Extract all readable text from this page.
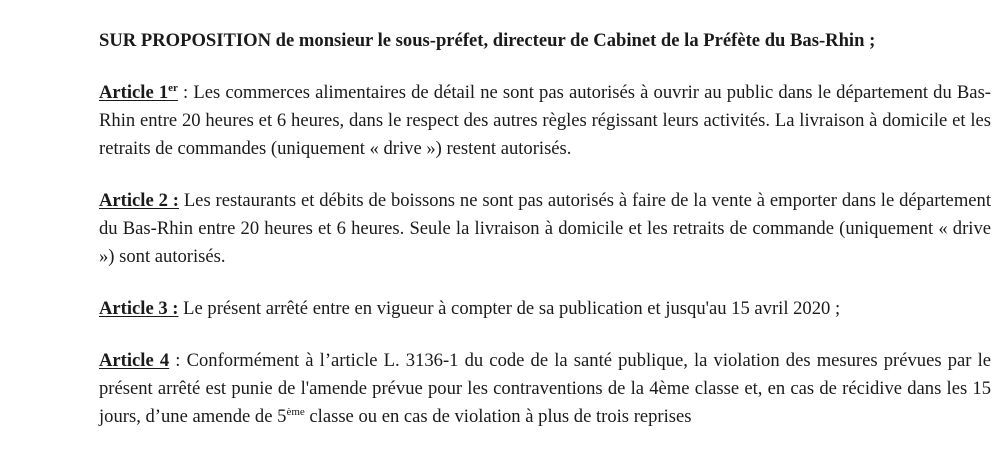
SUR PROPOSITION de monsieur le sous-préfet, directeur de Cabinet de la Préfète du Bas-Rhin ;

Article 1er : Les commerces alimentaires de détail ne sont pas autorisés à ouvrir au public dans le département du Bas-Rhin entre 20 heures et 6 heures, dans le respect des autres règles régissant leurs activités. La livraison à domicile et les retraits de commandes (uniquement « drive ») restent autorisés.

Article 2 : Les restaurants et débits de boissons ne sont pas autorisés à faire de la vente à emporter dans le département du Bas-Rhin entre 20 heures et 6 heures. Seule la livraison à domicile et les retraits de commande (uniquement « drive ») sont autorisés.

Article 3 : Le présent arrêté entre en vigueur à compter de sa publication et jusqu'au 15 avril 2020 ;

Article 4 : Conformément à l’article L. 3136-1 du code de la santé publique, la violation des mesures prévues par le présent arrêté est punie de l'amende prévue pour les contraventions de la 4ème classe et, en cas de récidive dans les 15 jours, d’une amende de 5ème classe ou en cas de violation à plus de trois reprises
